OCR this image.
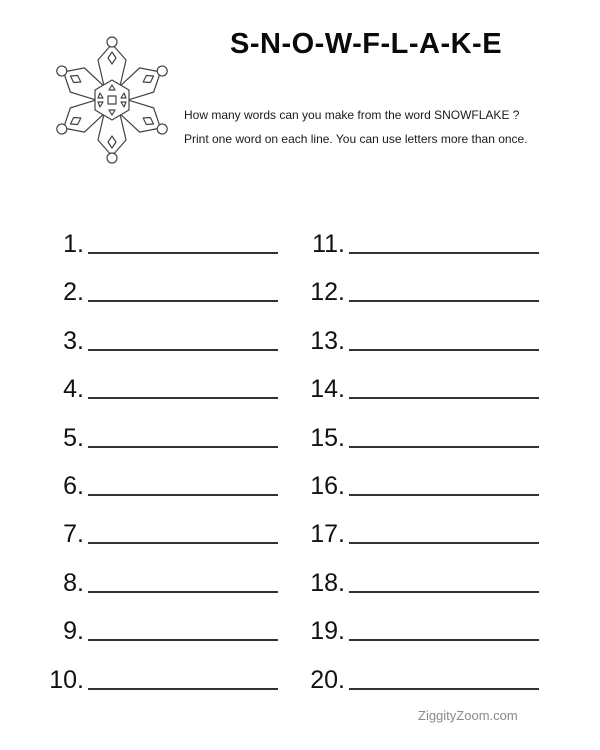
S-N-O-W-F-L-A-K-E
How many words can you make from the word SNOWFLAKE ?
Print one word on each line. You can use letters more than once.
1.
2.
3.
4.
5.
6.
7.
8.
9.
10.
11.
12.
13.
14.
15.
16.
17.
18.
19.
20.
ZiggityZoom.com
